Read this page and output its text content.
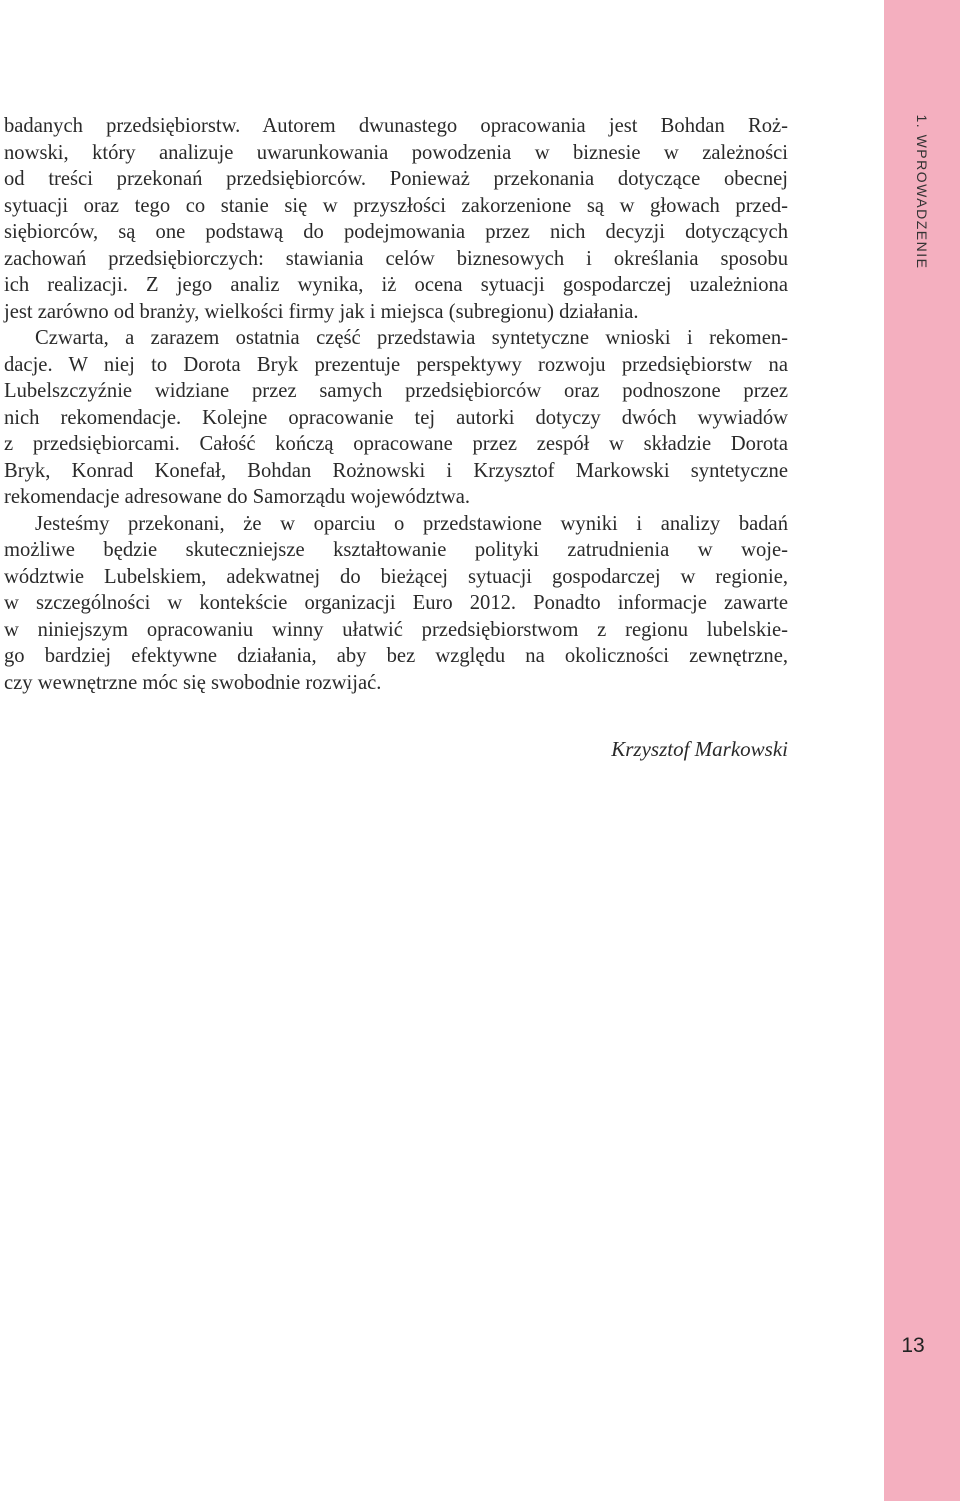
badanych przedsiębiorstw. Autorem dwunastego opracowania jest Bohdan Roż-
nowski, który analizuje uwarunkowania powodzenia w biznesie w zależności
od treści przekonań przedsiębiorców. Ponieważ przekonania dotyczące obecnej
sytuacji oraz tego co stanie się w przyszłości zakorzenione są w głowach przed-
siębiorców, są one podstawą do podejmowania przez nich decyzji dotyczących
zachowań przedsiębiorczych: stawiania celów biznesowych i określania sposobu
ich realizacji. Z jego analiz wynika, iż ocena sytuacji gospodarczej uzależniona
jest zarówno od branży, wielkości firmy jak i miejsca (subregionu) działania.
Czwarta, a zarazem ostatnia część przedstawia syntetyczne wnioski i rekomen-
dacje. W niej to Dorota Bryk prezentuje perspektywy rozwoju przedsiębiorstw na
Lubelszczyźnie widziane przez samych przedsiębiorców oraz podnoszone przez
nich rekomendacje. Kolejne opracowanie tej autorki dotyczy dwóch wywiadów
z przedsiębiorcami. Całość kończą opracowane przez zespół w składzie Dorota
Bryk, Konrad Konefał, Bohdan Rożnowski i Krzysztof Markowski syntetyczne
rekomendacje adresowane do Samorządu województwa.
Jesteśmy przekonani, że w oparciu o przedstawione wyniki i analizy badań
możliwe będzie skuteczniejsze kształtowanie polityki zatrudnienia w woje-
wództwie Lubelskiem, adekwatnej do bieżącej sytuacji gospodarczej w regionie,
w szczególności w kontekście organizacji Euro 2012. Ponadto informacje zawarte
w niniejszym opracowaniu winny ułatwić przedsiębiorstwom z regionu lubelskie-
go bardziej efektywne działania, aby bez względu na okoliczności zewnętrzne,
czy wewnętrzne móc się swobodnie rozwijać.
Krzysztof Markowski
1. WPROWADZENIE
13
